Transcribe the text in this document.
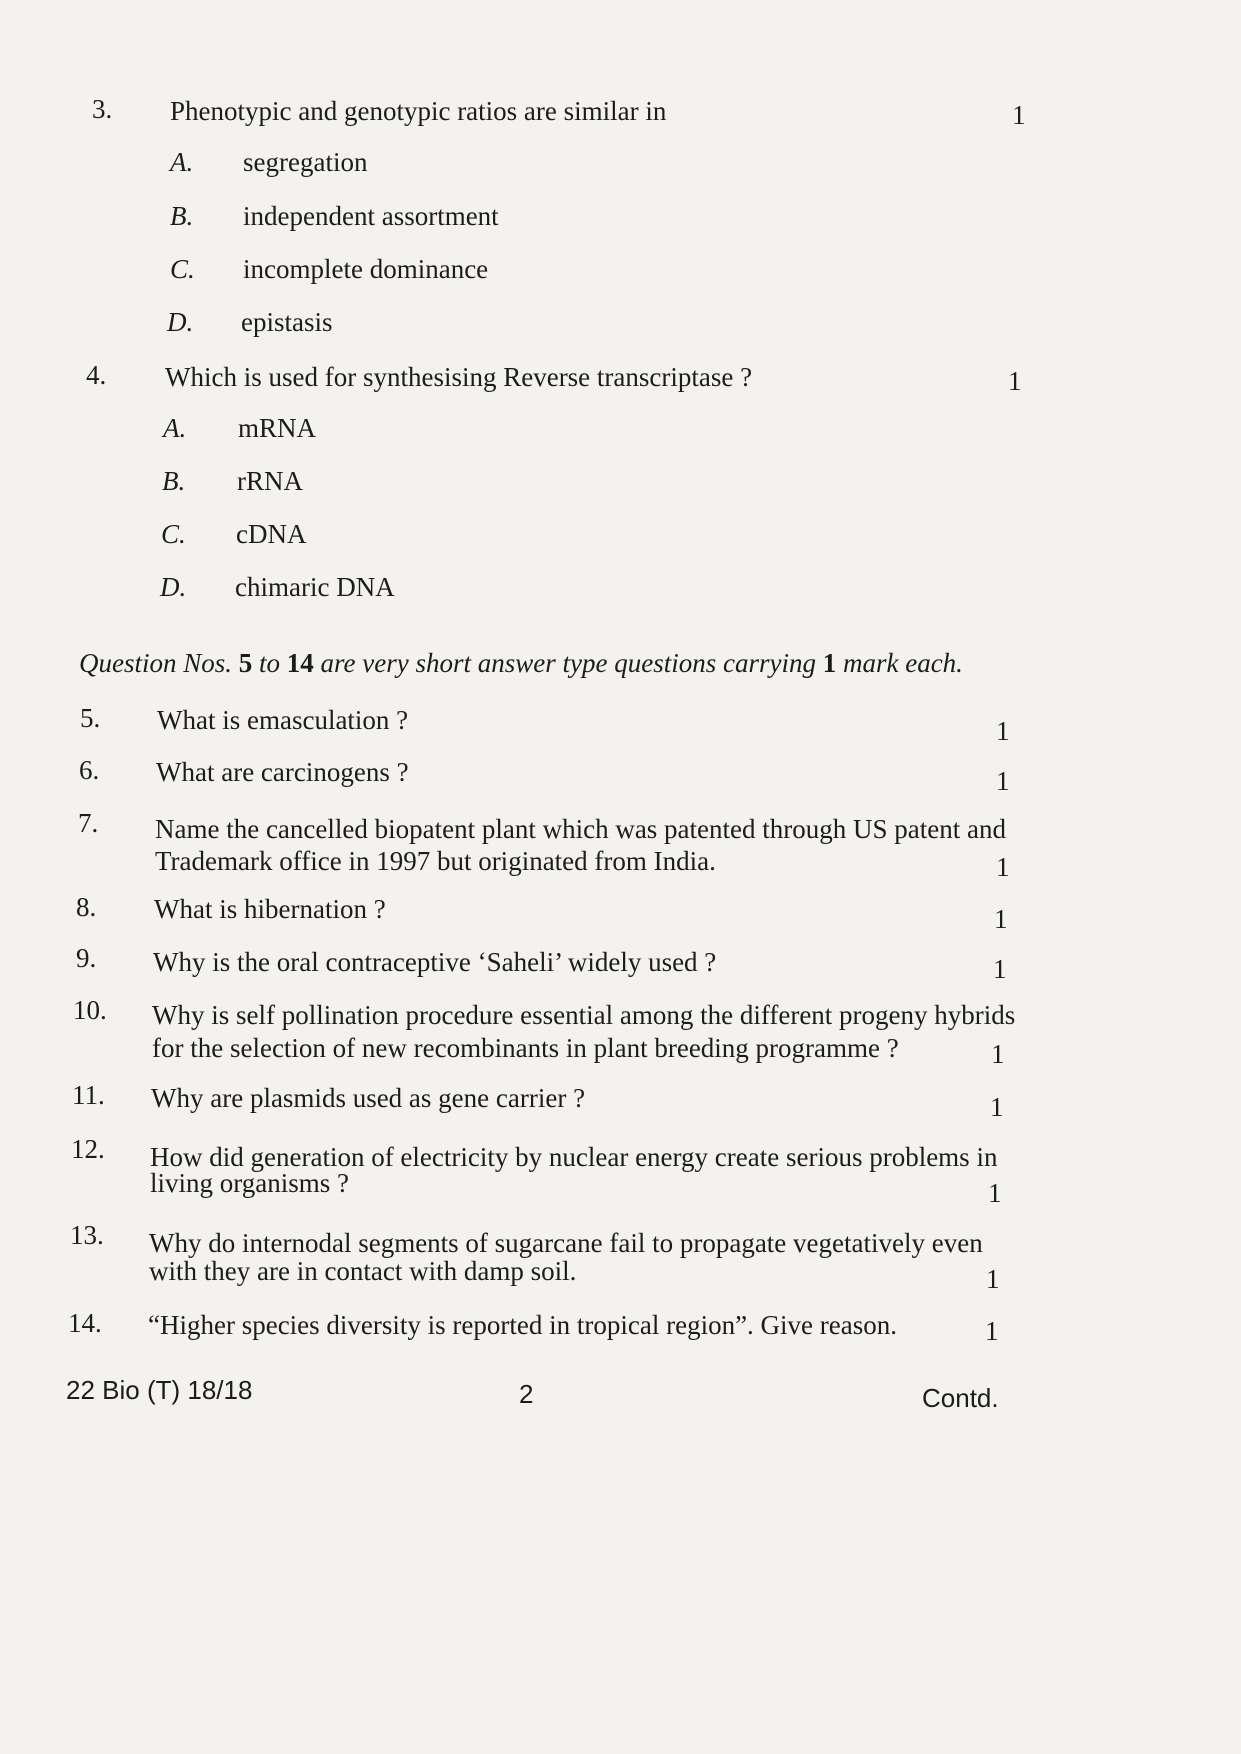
3. Phenotypic and genotypic ratios are similar in	1
A. segregation
B. independent assortment
C. incomplete dominance
D. epistasis
4. Which is used for synthesising Reverse transcriptase ?	1
A. mRNA
B. rRNA
C. cDNA
D. chimaric DNA
Question Nos. 5 to 14 are very short answer type questions carrying 1 mark each.
5. What is emasculation ?	1
6. What are carcinogens ?	1
7. Name the cancelled biopatent plant which was patented through US patent and
Trademark office in 1997 but originated from India.	1
8. What is hibernation ?	1
9. Why is the oral contraceptive ‘Saheli’ widely used ?	1
10. Why is self pollination procedure essential among the different progeny hybrids
for the selection of new recombinants in plant breeding programme ?	1
11. Why are plasmids used as gene carrier ?	1
12. How did generation of electricity by nuclear energy create serious problems in
living organisms ?	1
13. Why do internodal segments of sugarcane fail to propagate vegetatively even
with they are in contact with damp soil.	1
14. “Higher species diversity is reported in tropical region”. Give reason.	1
22 Bio (T) 18/18	2	Contd.
